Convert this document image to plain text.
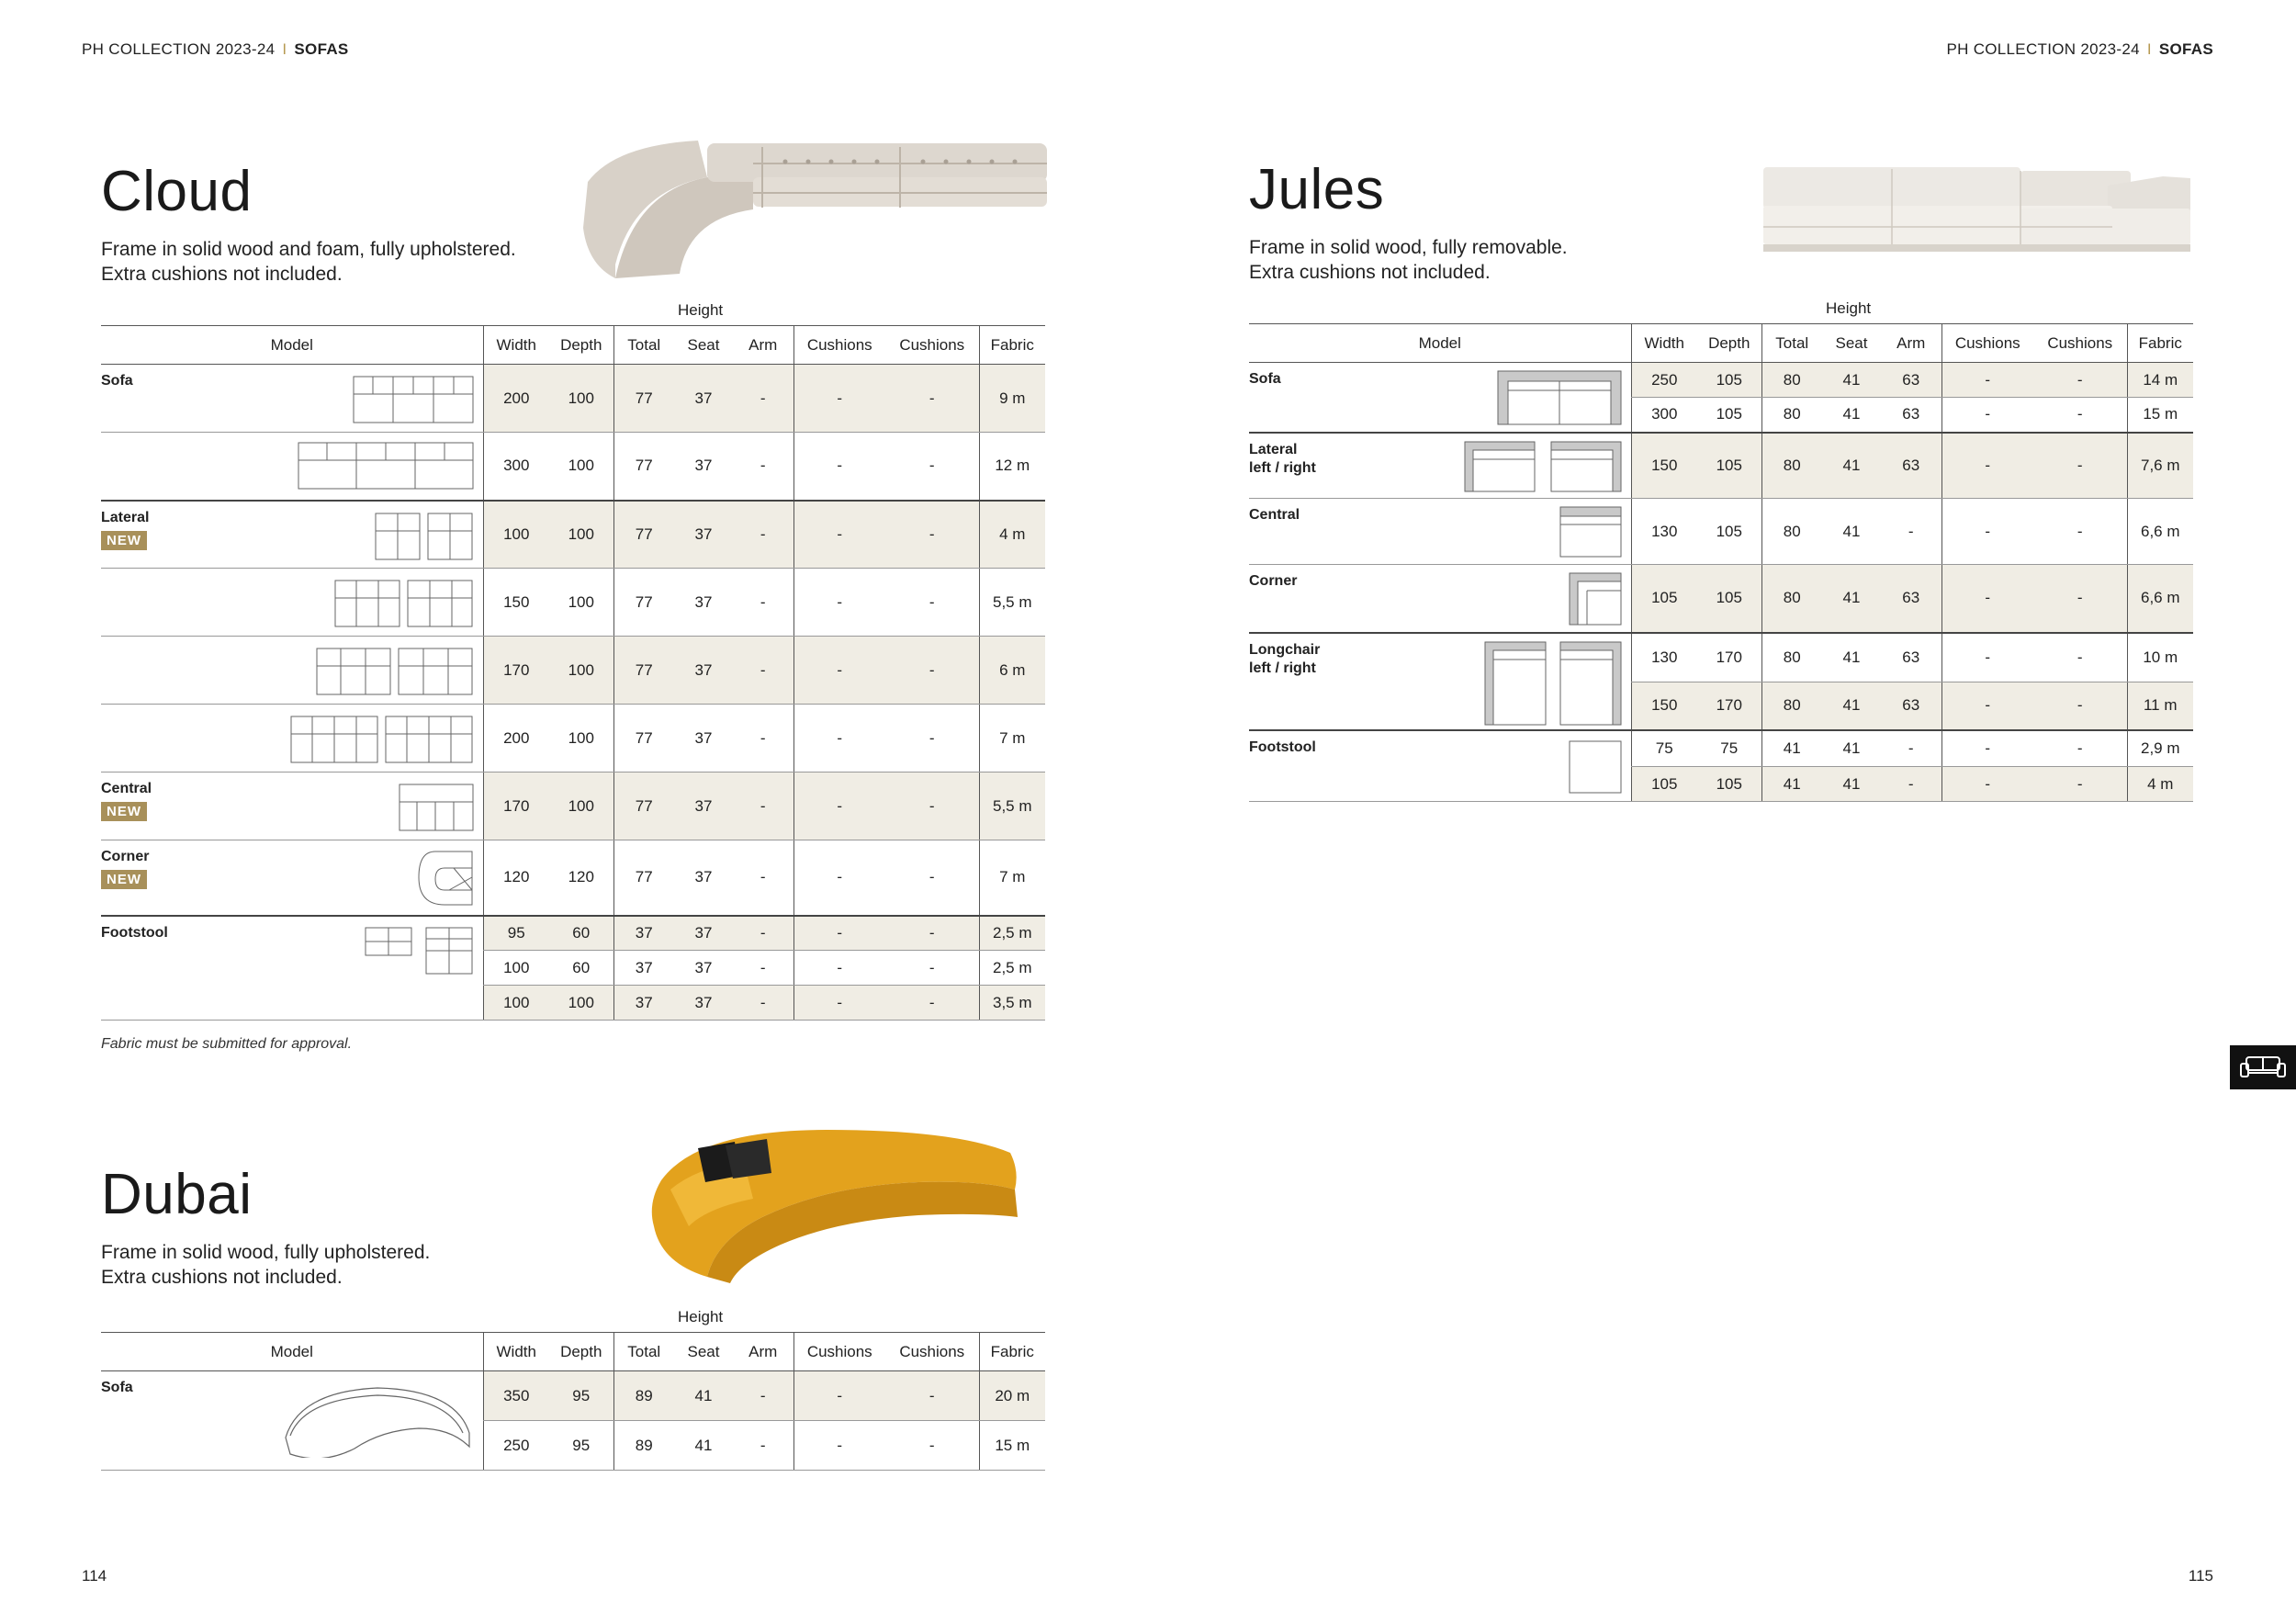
PH COLLECTION 2023-24 I SOFAS	PH COLLECTION 2023-24 I SOFAS
Cloud
Frame in solid wood and foam, fully upholstered.
Extra cushions not included.
Height
Model	Width	Depth	Total	Seat	Arm	Cushions	Cushions	Fabric

Sofa	200	100	77	37	-	-	-	9 m

	300	100	77	37	-	-	-	12 m

Lateral
NEW	100	100	77	37	-	-	-	4 m

	150	100	77	37	-	-	-	5,5 m

	170	100	77	37	-	-	-	6 m

	200	100	77	37	-	-	-	7 m

Central
NEW	170	100	77	37	-	-	-	5,5 m

Corner
NEW	120	120	77	37	-	-	-	7 m

Footstool	95	60	37	37	-	-	-	2,5 m
	100	60	37	37	-	-	-	2,5 m
	100	100	37	37	-	-	-	3,5 m
Fabric must be submitted for approval.
Dubai
Frame in solid wood, fully upholstered.
Extra cushions not included.
Height
Model	Width	Depth	Total	Seat	Arm	Cushions	Cushions	Fabric

Sofa	350	95	89	41	-	-	-	20 m
	250	95	89	41	-	-	-	15 m
Jules
Frame in solid wood, fully removable.
Extra cushions not included.
Height
Model	Width	Depth	Total	Seat	Arm	Cushions	Cushions	Fabric

Sofa	250	105	80	41	63	-	-	14 m
	300	105	80	41	63	-	-	15 m

Lateral
left / right	150	105	80	41	63	-	-	7,6 m

Central	130	105	80	41	-	-	-	6,6 m

Corner	105	105	80	41	63	-	-	6,6 m

Longchair
left / right	130	170	80	41	63	-	-	10 m
	150	170	80	41	63	-	-	11 m

Footstool	75	75	41	41	-	-	-	2,9 m
	105	105	41	41	-	-	-	4 m
114	115
